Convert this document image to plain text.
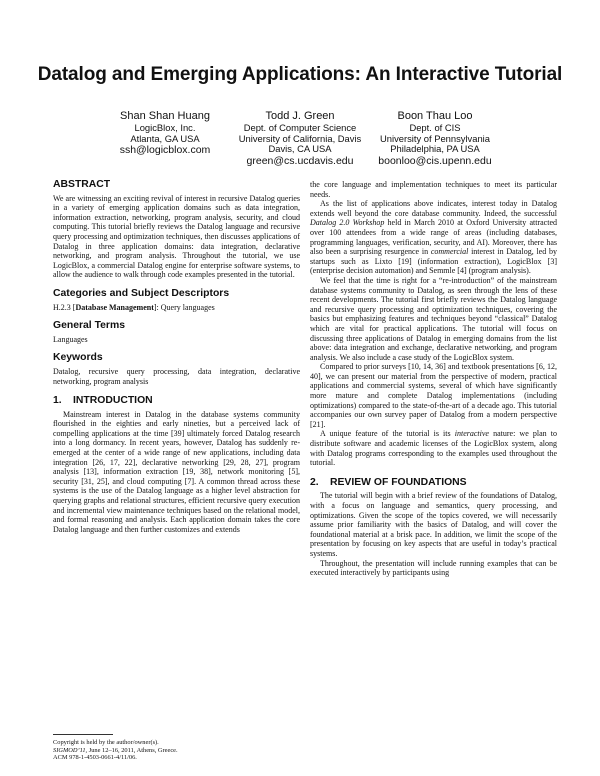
Datalog and Emerging Applications: An Interactive Tutorial
Shan Shan Huang
LogicBlox, Inc.
Atlanta, GA USA
ssh@logicblox.com
Todd J. Green
Dept. of Computer Science
University of California, Davis
Davis, CA USA
green@cs.ucdavis.edu
Boon Thau Loo
Dept. of CIS
University of Pennsylvania
Philadelphia, PA USA
boonloo@cis.upenn.edu
ABSTRACT

We are witnessing an exciting revival of interest in recursive Datalog queries in a variety of emerging application domains such as data integration, information extraction, networking, program analysis, security, and cloud computing. This tutorial briefly reviews the Datalog language and recursive query processing and optimization techniques, then discusses applications of Datalog in three application domains: data integration, declarative networking, and program analysis. Throughout the tutorial, we use LogicBlox, a commercial Datalog engine for enterprise software systems, to allow the audience to walk through code examples presented in the tutorial.

Categories and Subject Descriptors

H.2.3 [Database Management]: Query languages

General Terms

Languages

Keywords

Datalog, recursive query processing, data integration, declarative networking, program analysis

1. INTRODUCTION

Mainstream interest in Datalog in the database systems community flourished in the eighties and early nineties, but a perceived lack of compelling applications at the time [39] ultimately forced Datalog research into a long dormancy. In recent years, however, Datalog has suddenly re-emerged at the center of a wide range of new applications, including data integration [26, 17, 22], declarative networking [29, 28, 27], program analysis [13], information extraction [19, 38], network monitoring [5], security [31, 25], and cloud computing [7]. A common thread across these systems is the use of the Datalog language as a higher level abstraction for querying graphs and relational structures, efficient recursive query execution and incremental view maintenance techniques based on the relational model, and formal reasoning and analysis. Each application domain takes the core Datalog language and then further customizes and extends

the core language and implementation techniques to meet its particular needs.

As the list of applications above indicates, interest today in Datalog extends well beyond the core database community. Indeed, the successful Datalog 2.0 Workshop held in March 2010 at Oxford University attracted over 100 attendees from a wide range of areas (including databases, programming languages, verification, security, and AI). Moreover, there has also been a surprising resurgence in commercial interest in Datalog, led by startups such as Lixto [19] (information extraction), LogicBlox [3] (enterprise decision automation) and Semmle [4] (program analysis).

We feel that the time is right for a “re-introduction” of the mainstream database systems community to Datalog, as seen through the lens of these recent developments. The tutorial first briefly reviews the Datalog language and recursive query processing and optimization techniques, covering the basics but emphasizing features and techniques beyond “classical” Datalog which are vital for practical applications. The tutorial will focus on discussing three applications of Datalog in emerging domains from the list above: data integration and exchange, declarative networking, and program analysis. We also include a case study of the LogicBlox system.

Compared to prior surveys [10, 14, 36] and textbook presentations [6, 12, 40], we can present our material from the perspective of modern, practical applications and commercial systems, several of which have significantly more mature and complete Datalog implementations (including optimizations) compared to the state-of-the-art of a decade ago. This tutorial accompanies our own survey paper of Datalog from a modern perspective [21].

A unique feature of the tutorial is its interactive nature: we plan to distribute software and academic licenses of the LogicBlox system, along with Datalog programs corresponding to the examples used throughout the tutorial.

2. REVIEW OF FOUNDATIONS

The tutorial will begin with a brief review of the foundations of Datalog, with a focus on language and semantics, query processing, and optimizations. Given the scope of the topics covered, we will necessarily assume prior familiarity with the basics of Datalog, and will cover the foundational material at a brisk pace. In addition, we limit the scope of the presentation by focusing on key aspects that are useful in today’s practical systems.

Throughout, the presentation will include running examples that can be executed interactively by participants using

Copyright is held by the author/owner(s).
SIGMOD’11, June 12–16, 2011, Athens, Greece.
ACM 978-1-4503-0661-4/11/06.
